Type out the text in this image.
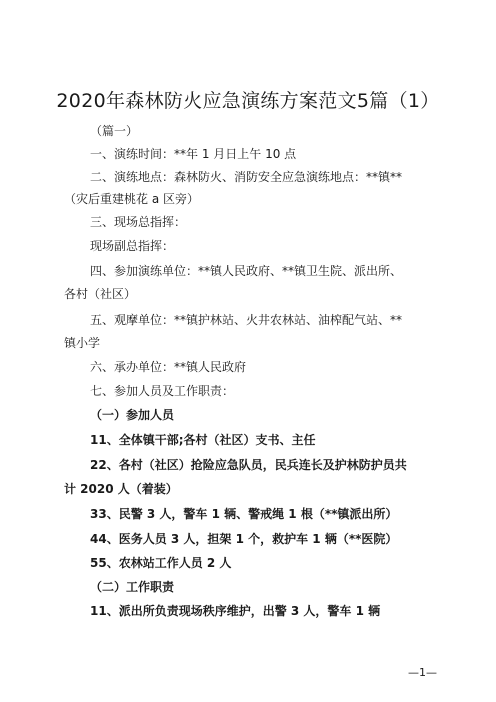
2020年森林防火应急演练方案范文5篇（1）
（篇一）
一、演练时间：**年 1 月日上午 10 点
二、演练地点：森林防火、消防安全应急演练地点：**镇**
（灾后重建桃花 a 区旁）
三、现场总指挥：
现场副总指挥：
四、参加演练单位：**镇人民政府、**镇卫生院、派出所、
各村（社区）
五、观摩单位：**镇护林站、火井农林站、油榨配气站、**
镇小学
六、承办单位：**镇人民政府
七、参加人员及工作职责：
（一）参加人员
11、全体镇干部;各村（社区）支书、主任
22、各村（社区）抢险应急队员，民兵连长及护林防护员共
计 2020 人（着装）
33、民警 3 人，警车 1 辆、警戒绳 1 根（**镇派出所）
44、医务人员 3 人，担架 1 个，救护车 1 辆（**医院）
55、农林站工作人员 2 人
（二）工作职责
11、派出所负责现场秩序维护，出警 3 人，警车 1 辆
—1—
